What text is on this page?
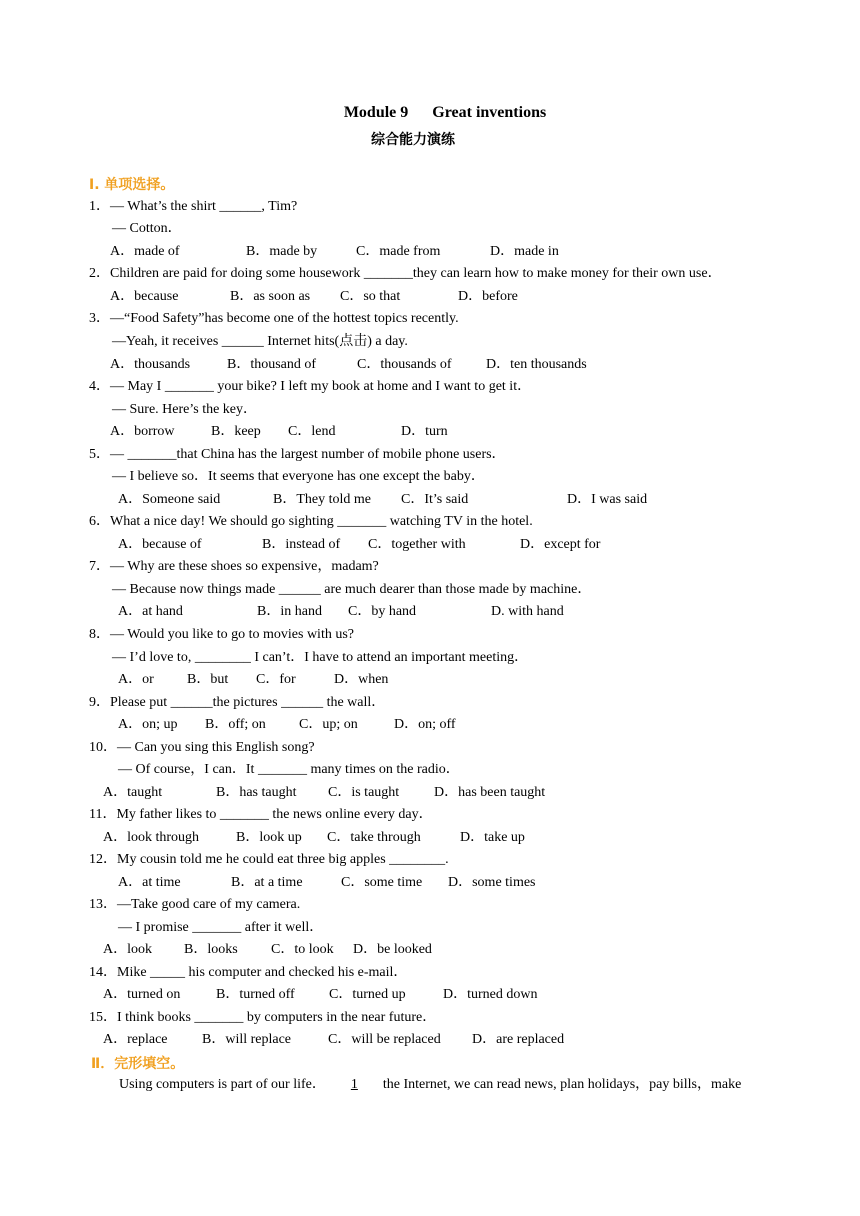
Module 9      Great inventions
综合能力演练
I. 单项选择。
1．— What’s the shirt ______, Tim?
— Cotton．
A．made of	B．made by	C．made from	D．made in
2．Children are paid for doing some housework _______they can learn how to make money for their own use．
A．because	B．as soon as C．so that	D．before
3．—“Food Safety”has become one of the hottest topics recently.
—Yeah, it receives ______ Internet hits(点击) a day.
A．thousands	B．thousand of	C．thousands of D．ten thousands
4．— May I _______ your bike? I left my book at home and I want to get it．
— Sure. Here’s the key．
A．borrow	B．keep C．lend	D．turn
5．— _______that China has the largest number of mobile phone users．
— I believe so．It seems that everyone has one except the baby．
A．Someone said	B．They told me C．It’s said	D．I was said
6．What a nice day! We should go sighting _______ watching TV in the hotel.
A．because of	B．instead of C．together with	D．except for
7．— Why are these shoes so expensive，madam?
— Because now things made ______ are much dearer than those made by machine．
A．at hand	B．in hand C．by hand	D. with hand
8．— Would you like to go to movies with us?
— I’d love to, ________ I can’t．I have to attend an important meeting．
A．or B．but C．for	D．when
9．Please put ______the pictures ______ the wall．
A．on; up B．off; on C．up; on	D．on; off
10．— Can you sing this English song?
— Of course，I can．It _______ many times on the radio．
A．taught	B．has taught C．is taught D．has been taught
11．My father likes to _______ the news online every day．
A．look through	B．look up C．take through	D．take up
12．My cousin told me he could eat three big apples ________.
A．at time	B．at a time	C．some time D．some times
13．—Take good care of my camera.
— I promise _______ after it well．
A．look B．looks C．to look D．be looked
14．Mike _____ his computer and checked his e-mail．
A．turned on	B．turned off C．turned up	D．turned down
15．I think books _______ by computers in the near future．
A．replace B．will replace	C．will be replaced D．are replaced
Ⅱ．完形填空。
Using computers is part of our life． 1 the Internet, we can read news, plan holidays，pay bills，make
